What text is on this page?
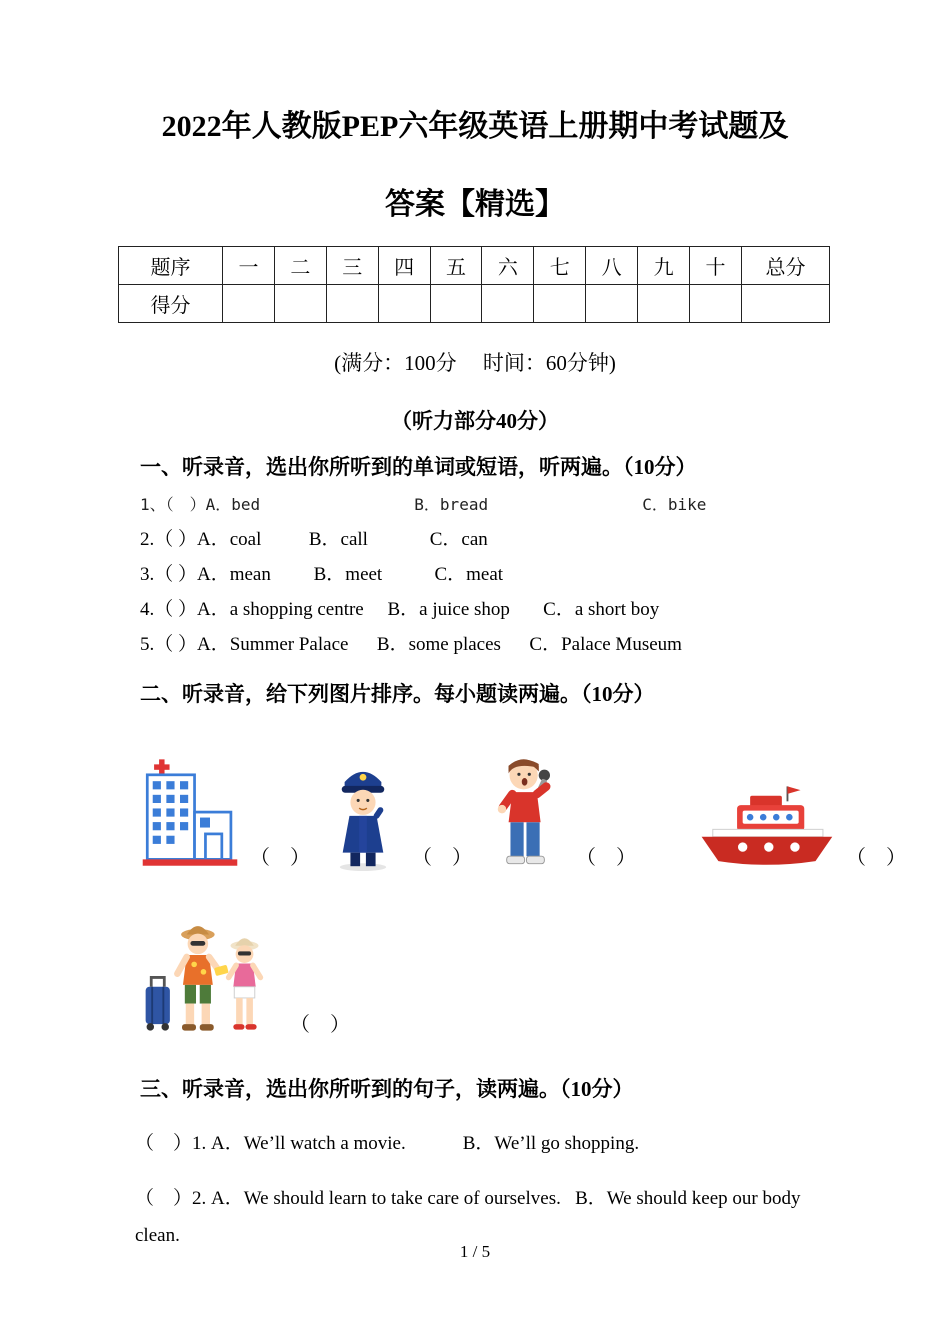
2022年人教版PEP六年级英语上册期中考试题及
答案【精选】
题序	一	二	三	四	五	六	七	八	九	十	总分
得分											
(满分：100分　 时间：60分钟)
（听力部分40分）
一、听录音，选出你所听到的单词或短语，听两遍。（10分）
1、（　）A．bed                B．bread                C．bike
2.（ ）A．coal          B．call             C．can
3.（ ）A．mean         B．meet           C．meat
4.（ ）A．a shopping centre     B．a juice shop       C．a short boy
5.（ ）A．Summer Palace      B．some places      C．Palace Museum
二、听录音，给下列图片排序。每小题读两遍。（10分）
（　）	（　）	（　）	（　）
（　）
三、听录音，选出你所听到的句子，读两遍。（10分）
（　）1. A．We’ll watch a movie.            B．We’ll go shopping.
（　）2. A．We should learn to take care of ourselves.   B．We should keep our body clean.
1 / 5
